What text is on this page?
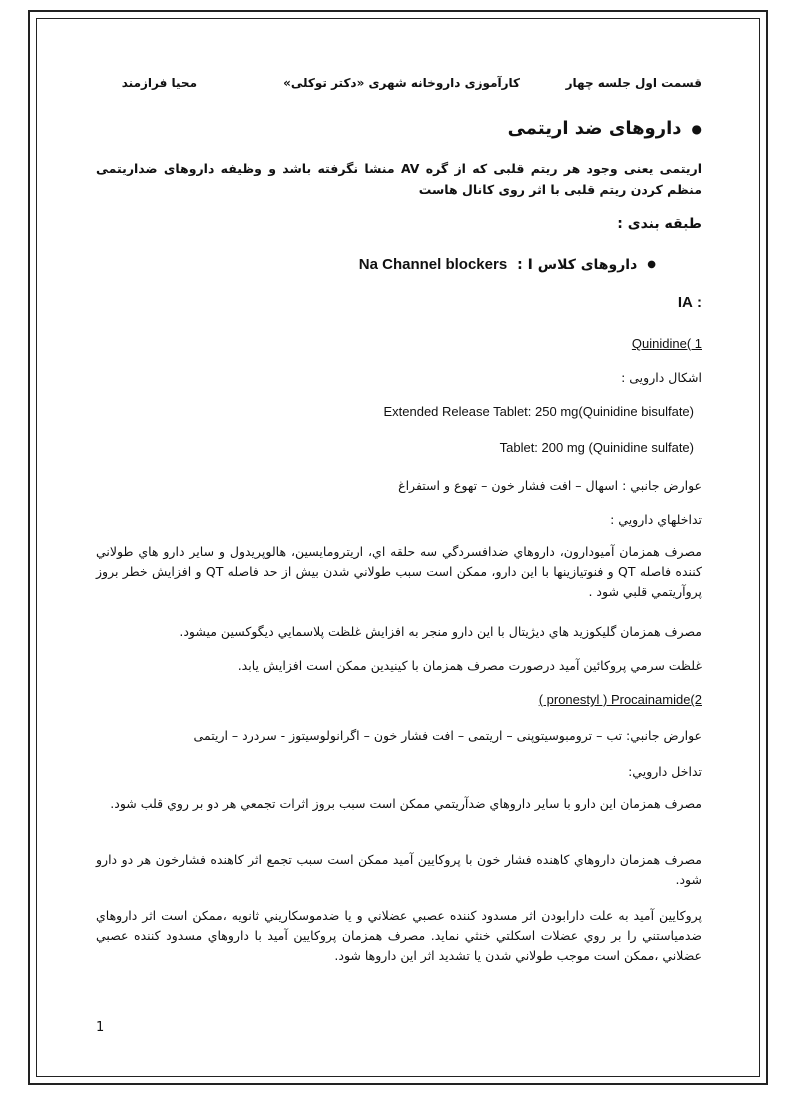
قسمت اول جلسه چهار
کارآموزی داروخانه شهری «دکتر توکلی»
محیا فرازمند
●
داروهای ضد اریتمی

اریتمی یعنی وجود هر ریتم قلبی که از گره AV منشا نگرفته باشد و وظیفه داروهای ضداریتمی منظم کردن ریتم قلبی با اثر روی کانال هاست

طبقه بندی :
●
داروهای کلاس I :
Na Channel blockers
: IA
Quinidine( 1
اشکال دارویی :
Extended Release Tablet: 250 mg(Quinidine bisulfate)
Tablet: 200 mg (Quinidine sulfate)
عوارض جانبي : اسهال – افت فشار خون – تهوع و استفراغ
تداخلهاي دارويي :

مصرف همزمان آميودارون، داروهاي ضدافسردگي سه حلقه اي، اريترومايسين، هالوپريدول و ساير دارو هاي طولاني كننده فاصله QT و فنوتيازينها با اين دارو، ممكن است سبب طولاني شدن بيش از حد فاصله QT و افزايش خطر بروز پروآريتمي قلبي شود .

مصرف همزمان گليكوزيد هاي ديژيتال با اين دارو منجر به افزايش غلظت پلاسمايي ديگوكسين ميشود.

غلظت سرمي پروكائين آميد درصورت مصرف همزمان با كينيدين ممكن است افزايش يابد.

( pronestyl ) Procainamide(2
عوارض جانبي: تب – ترومبوسیتوپنی – اریتمی – افت فشار خون – اگرانولوسیتوز - سردرد – اریتمی
تداخل دارويي:

مصرف همزمان اين دارو با ساير داروهاي ضدآريتمي ممكن است سبب بروز اثرات تجمعي هر دو بر روي قلب شود.

مصرف همزمان داروهاي كاهنده فشار خون با پروكايين آميد ممكن است سبب تجمع اثر كاهنده فشارخون هر دو دارو شود.

پروكايين آميد به علت دارابودن اثر مسدود كننده عصبي عضلاني و يا ضدموسكاريني ثانويه ،ممكن است اثر داروهاي ضدمياستني را بر روي عضلات اسكلتي خنثي نمايد. مصرف همزمان پروكايين آميد با داروهاي مسدود كننده عصبي عضلاني ،ممكن است موجب طولاني شدن يا تشديد اثر اين داروها شود.

1
